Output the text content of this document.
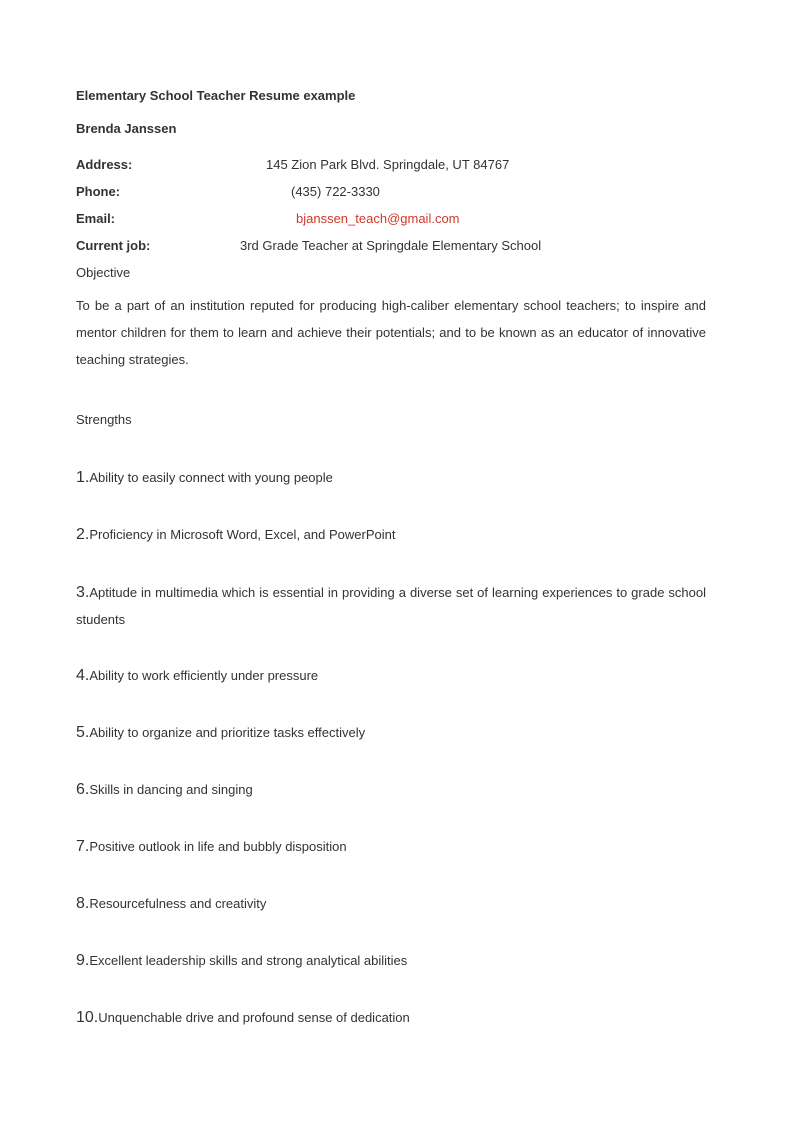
Elementary School Teacher Resume example
Brenda Janssen
Address:	145 Zion Park Blvd. Springdale, UT 84767
Phone:	(435) 722-3330
Email:	bjanssen_teach@gmail.com
Current job:	3rd Grade Teacher at Springdale Elementary School
Objective
To be a part of an institution reputed for producing high-caliber elementary school teachers; to inspire and mentor children for them to learn and achieve their potentials; and to be known as an educator of innovative teaching strategies.
Strengths
1.Ability to easily connect with young people
2.Proficiency in Microsoft Word, Excel, and PowerPoint
3.Aptitude in multimedia which is essential in providing a diverse set of learning experiences to grade school students
4.Ability to work efficiently under pressure
5.Ability to organize and prioritize tasks effectively
6.Skills in dancing and singing
7.Positive outlook in life and bubbly disposition
8.Resourcefulness and creativity
9.Excellent leadership skills and strong analytical abilities
10.Unquenchable drive and profound sense of dedication
